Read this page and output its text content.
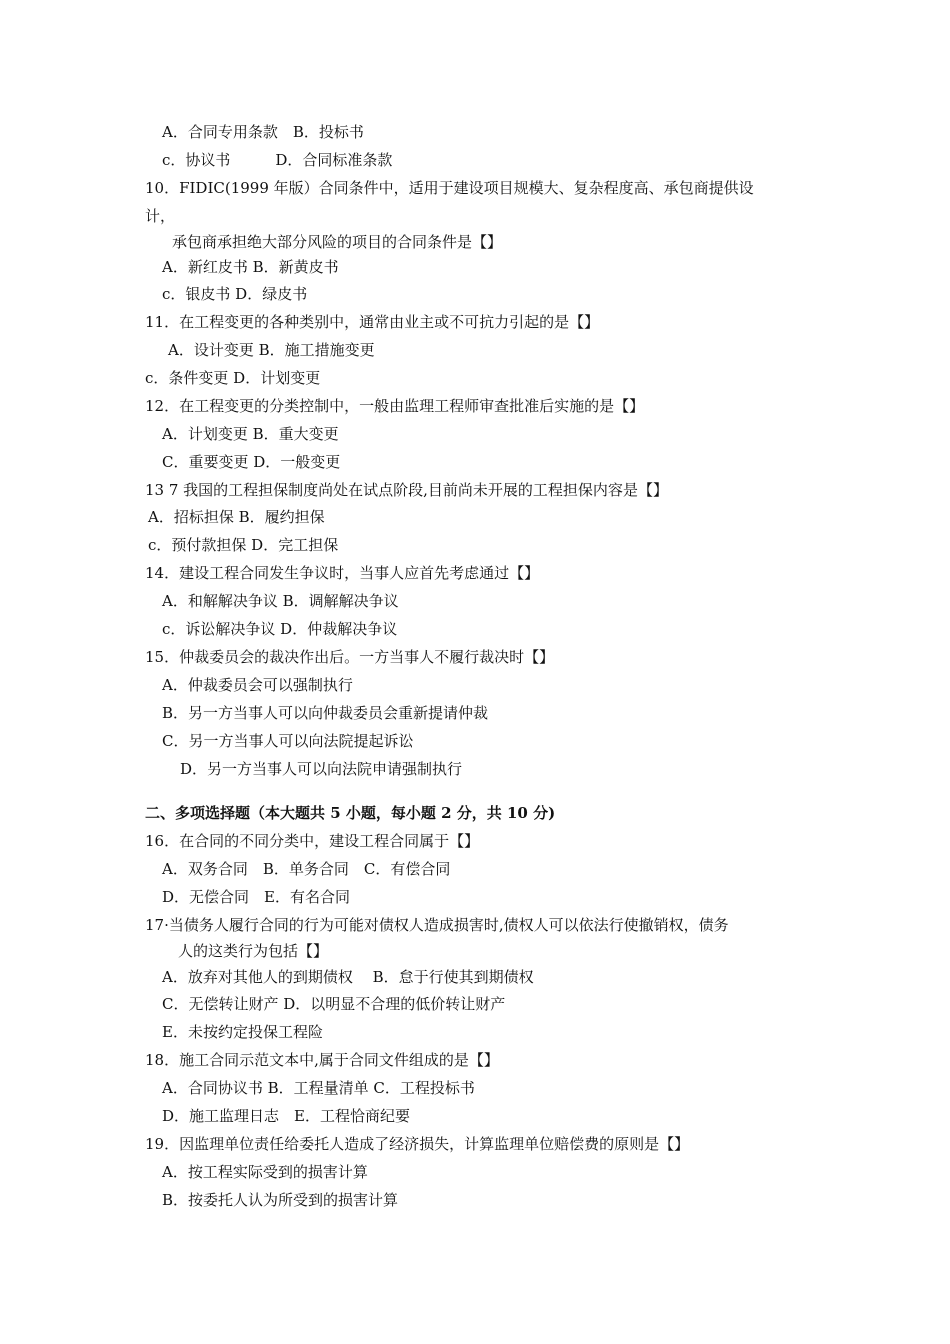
A．合同专用条款　B．投标书
c．协议书　　　D．合同标准条款
10．FIDIC(1999 年版）合同条件中，适用于建设项目规模大、复杂程度高、承包商提供设
计，
承包商承担绝大部分风险的项目的合同条件是【】
A．新红皮书 B．新黄皮书
c．银皮书 D．绿皮书
11．在工程变更的各种类别中，通常由业主或不可抗力引起的是【】
A．设计变更 B．施工措施变更
c．条件变更 D．计划变更
12．在工程变更的分类控制中，一般由监理工程师审查批准后实施的是【】
A．计划变更 B．重大变更
C．重要变更 D．一般变更
13 7 我国的工程担保制度尚处在试点阶段,目前尚未开展的工程担保内容是【】
A．招标担保 B．履约担保
c．预付款担保 D．完工担保
14．建设工程合同发生争议时，当事人应首先考虑通过【】
A．和解解决争议 B．调解解决争议
c．诉讼解决争议 D．仲裁解决争议
15．仲裁委员会的裁决作出后。一方当事人不履行裁决时【】
A．仲裁委员会可以强制执行
B．另一方当事人可以向仲裁委员会重新提请仲裁
C．另一方当事人可以向法院提起诉讼
D．另一方当事人可以向法院申请强制执行
二、多项选择题（本大题共 5 小题，每小题 2 分，共 10 分)
16．在合同的不同分类中，建设工程合同属于【】
A．双务合同　B．单务合同　C．有偿合同
D．无偿合同　E．有名合同
17·当债务人履行合同的行为可能对债权人造成损害时,债权人可以依法行使撤销权，债务
人的这类行为包括【】
A．放弃对其他人的到期债权　 B．怠于行使其到期债权
C．无偿转让财产 D．以明显不合理的低价转让财产
E．未按约定投保工程险
18．施工合同示范文本中,属于合同文件组成的是【】
A．合同协议书 B．工程量清单 C．工程投标书
D．施工监理日志　E．工程恰商纪要
19．因监理单位责任给委托人造成了经济损失，计算监理单位赔偿费的原则是【】
A．按工程实际受到的损害计算
B．按委托人认为所受到的损害计算
